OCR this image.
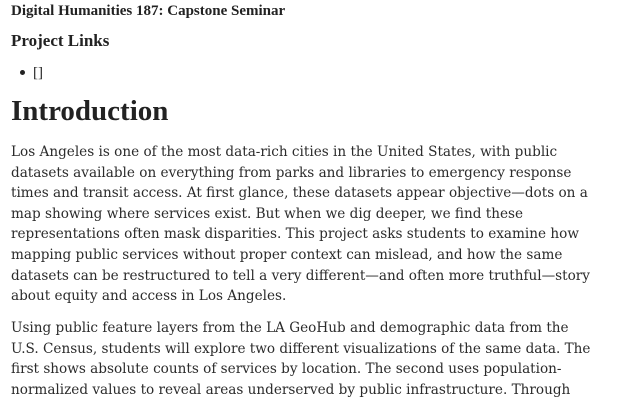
Digital Humanities 187: Capstone Seminar
Project Links
[]
Introduction

Los Angeles is one of the most data-rich cities in the United States, with public
datasets available on everything from parks and libraries to emergency response
times and transit access. At first glance, these datasets appear objective—dots on a
map showing where services exist. But when we dig deeper, we find these
representations often mask disparities. This project asks students to examine how
mapping public services without proper context can mislead, and how the same
datasets can be restructured to tell a very different—and often more truthful—story
about equity and access in Los Angeles.

Using public feature layers from the LA GeoHub and demographic data from the
U.S. Census, students will explore two different visualizations of the same data. The
first shows absolute counts of services by location. The second uses population-
normalized values to reveal areas underserved by public infrastructure. Through
